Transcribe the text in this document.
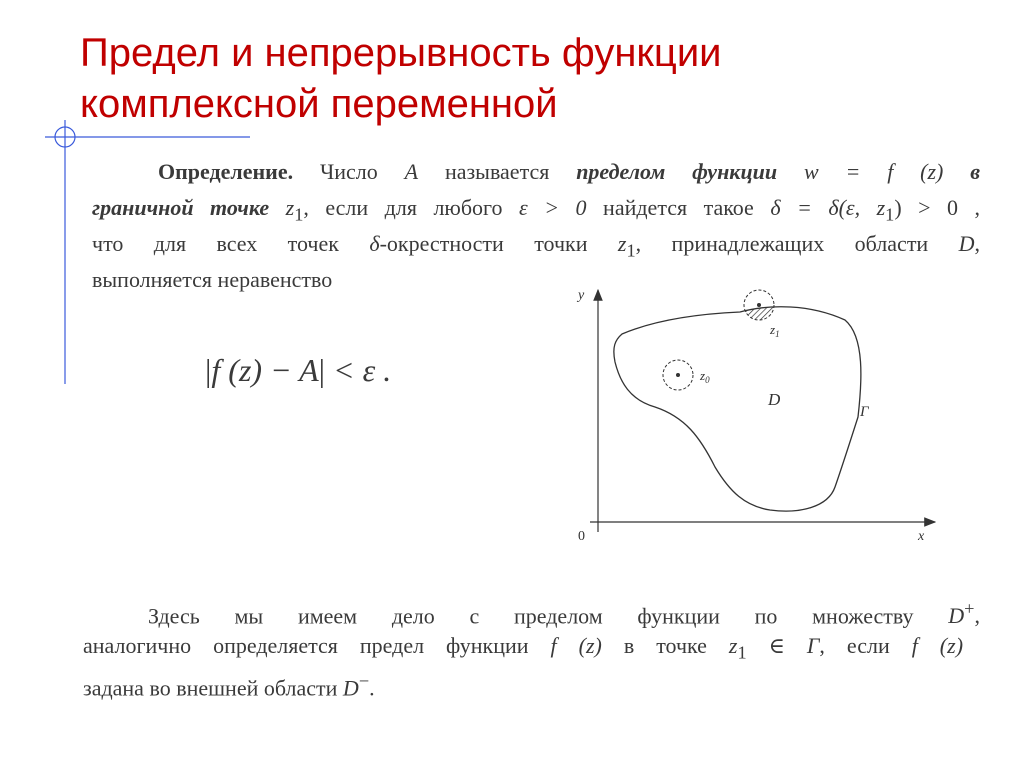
Предел и непрерывность функции
комплексной переменной
Определение. Число A называется пределом функции w = f (z) в
граничной точке $z_1$, если для любого ε > 0 найдется такое δ = δ(ε, $z_1) > 0$ ,
что для всех точек δ-окрестности точки $z_1$, принадлежащих области D,
выполняется неравенство
|f (z) − A| < ε .
y
x
0
$z_1$
$z_0$
D
Г
Здесь мы имеем дело с пределом функции по множеству D+,
аналогично определяется предел функции f (z) в точке $z_1$ ∈ Г, если f (z)
задана во внешней области D−.
